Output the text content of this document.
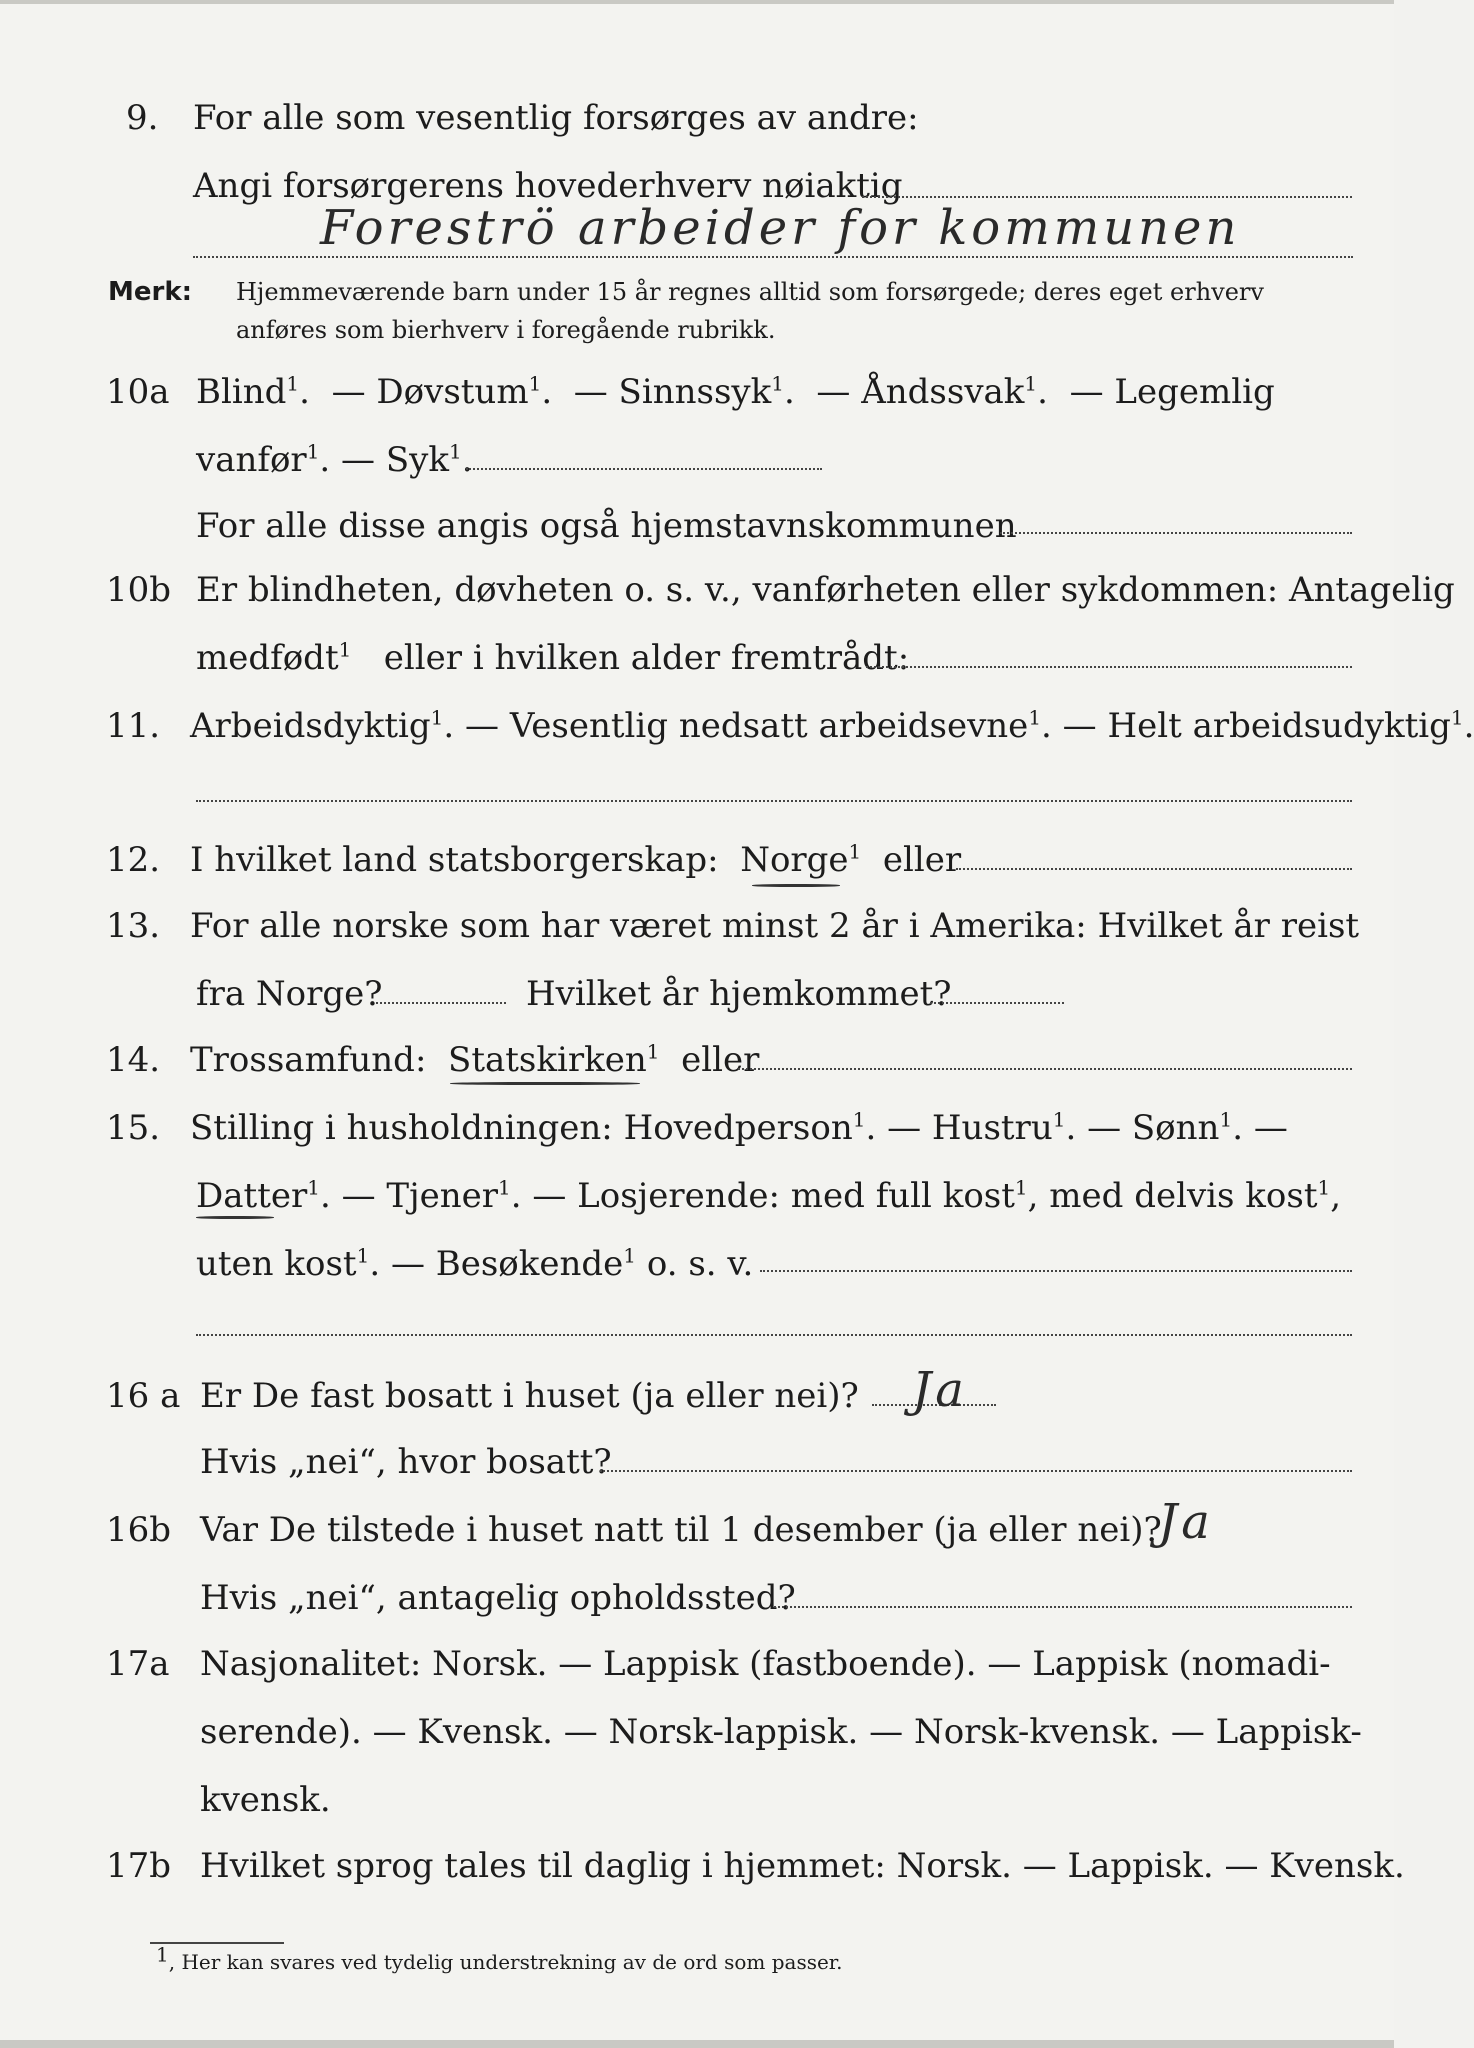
9. For alle som vesentlig forsørges av andre:
Angi forsørgerens hovederhverv nøiaktig
Foreströ arbeider for kommunen
Merk: Hjemmeværende barn under 15 år regnes alltid som forsørgede; deres eget erhverv
anføres som bierhverv i foregående rubrikk.
10a Blind$^1$.  — Døvstum$^1$.  — Sinnssyk$^1$.  — Åndssvak$^1$.  — Legemlig
vanfør$^1$. — Syk$^1$.
For alle disse angis også hjemstavnskommunen
10b Er blindheten, døvheten o. s. v., vanførheten eller sykdommen: Antagelig
medfødt$^1$ eller i hvilken alder fremtrådt:
11. Arbeidsdyktig$^1$. — Vesentlig nedsatt arbeidsevne$^1$. — Helt arbeidsudyktig$^1$.
12. I hvilket land statsborgerskap: Norge$^1$ eller
13. For alle norske som har været minst 2 år i Amerika: Hvilket år reist
fra Norge?	Hvilket år hjemkommet?
14. Trossamfund: Statskirken$^1$ eller
15. Stilling i husholdningen: Hovedperson$^1$. — Hustru$^1$. — Sønn$^1$. —
Datter$^1$. — Tjener$^1$. — Losjerende: med full kost$^1$, med delvis kost$^1$,
uten kost$^1$. — Besøkende$^1$ o. s. v.
16 a Er De fast bosatt i huset (ja eller nei)? Ja
Hvis „nei“, hvor bosatt?
16b Var De tilstede i huset natt til 1 desember (ja eller nei)?
Ja
Hvis „nei“, antagelig opholdssted?
17a Nasjonalitet: Norsk. — Lappisk (fastboende). — Lappisk (nomadi-
serende). — Kvensk. — Norsk-lappisk. — Norsk-kvensk. — Lappisk-
kvensk.
17b Hvilket sprog tales til daglig i hjemmet: Norsk. — Lappisk. — Kvensk.
1, Her kan svares ved tydelig understrekning av de ord som passer.
